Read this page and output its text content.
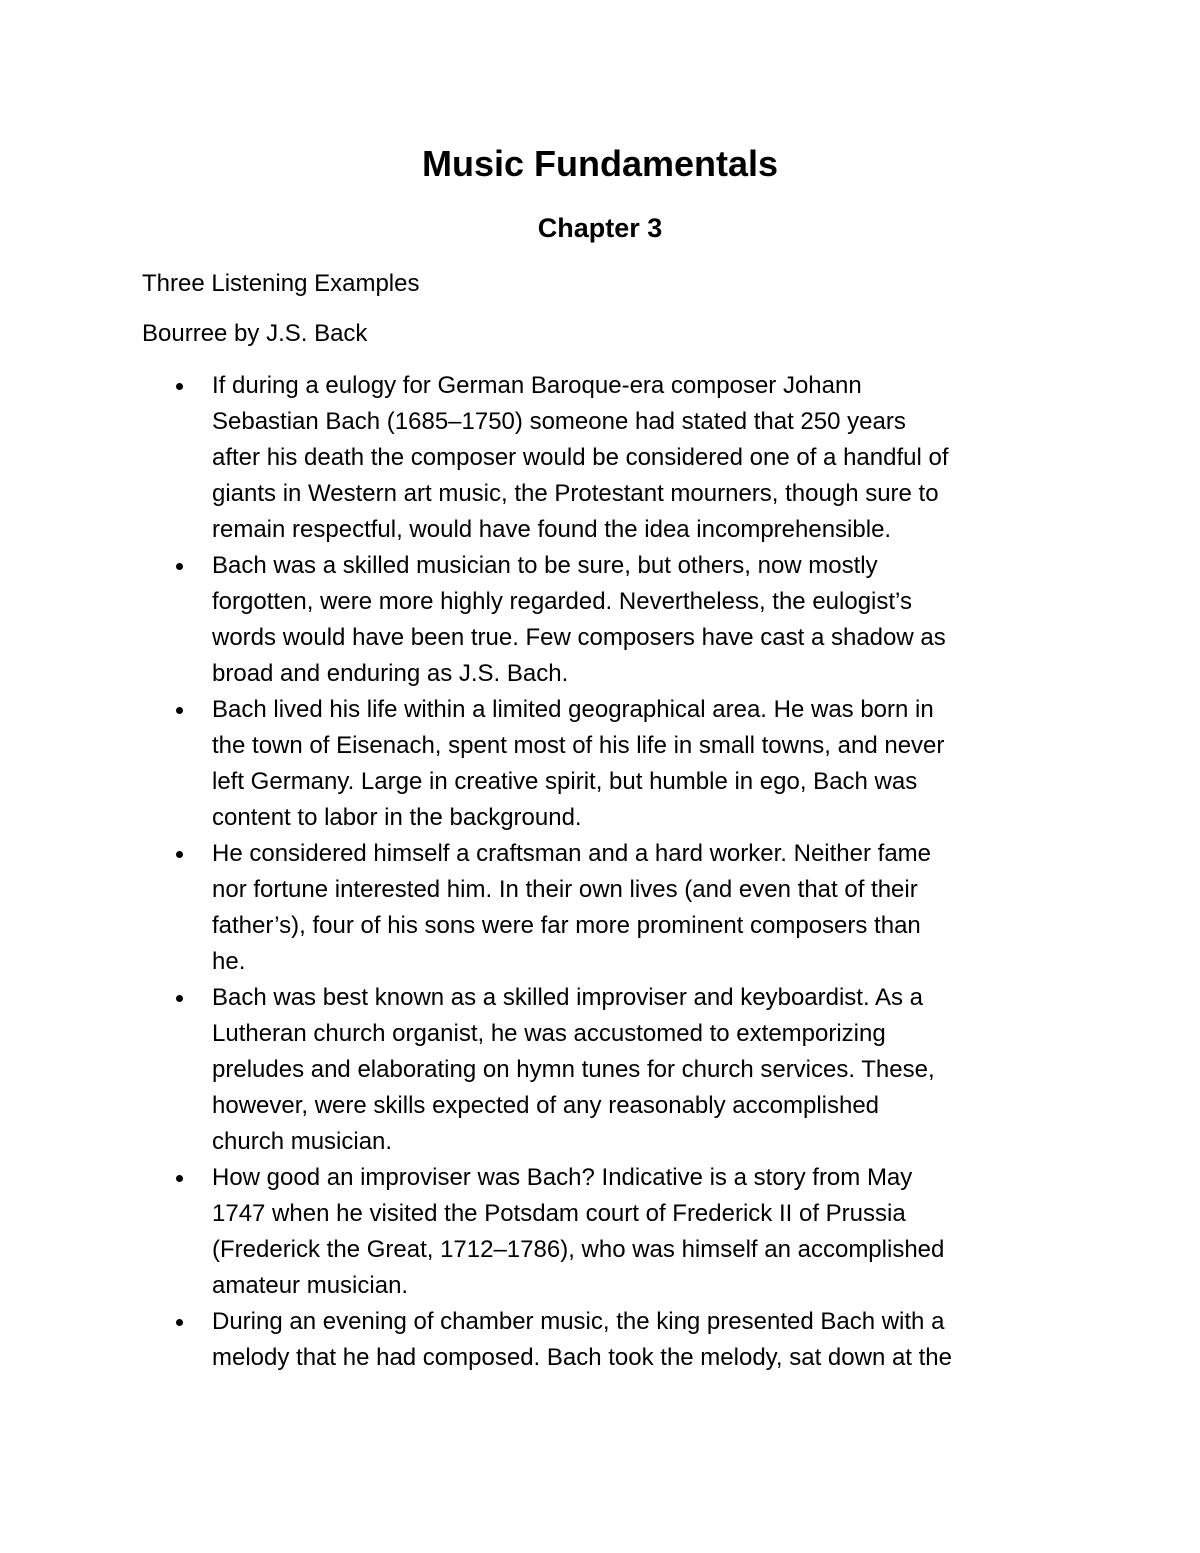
Music Fundamentals
Chapter 3

Three Listening Examples

Bourree by J.S. Back

If during a eulogy for German Baroque-era composer Johann
Sebastian Bach (1685–1750) someone had stated that 250 years
after his death the composer would be considered one of a handful of
giants in Western art music, the Protestant mourners, though sure to
remain respectful, would have found the idea incomprehensible.
Bach was a skilled musician to be sure, but others, now mostly
forgotten, were more highly regarded. Nevertheless, the eulogist’s
words would have been true. Few composers have cast a shadow as
broad and enduring as J.S. Bach.
Bach lived his life within a limited geographical area. He was born in
the town of Eisenach, spent most of his life in small towns, and never
left Germany. Large in creative spirit, but humble in ego, Bach was
content to labor in the background.
He considered himself a craftsman and a hard worker. Neither fame
nor fortune interested him. In their own lives (and even that of their
father’s), four of his sons were far more prominent composers than
he.
Bach was best known as a skilled improviser and keyboardist. As a
Lutheran church organist, he was accustomed to extemporizing
preludes and elaborating on hymn tunes for church services. These,
however, were skills expected of any reasonably accomplished
church musician.
How good an improviser was Bach? Indicative is a story from May
1747 when he visited the Potsdam court of Frederick II of Prussia
(Frederick the Great, 1712–1786), who was himself an accomplished
amateur musician.
During an evening of chamber music, the king presented Bach with a
melody that he had composed. Bach took the melody, sat down at the
